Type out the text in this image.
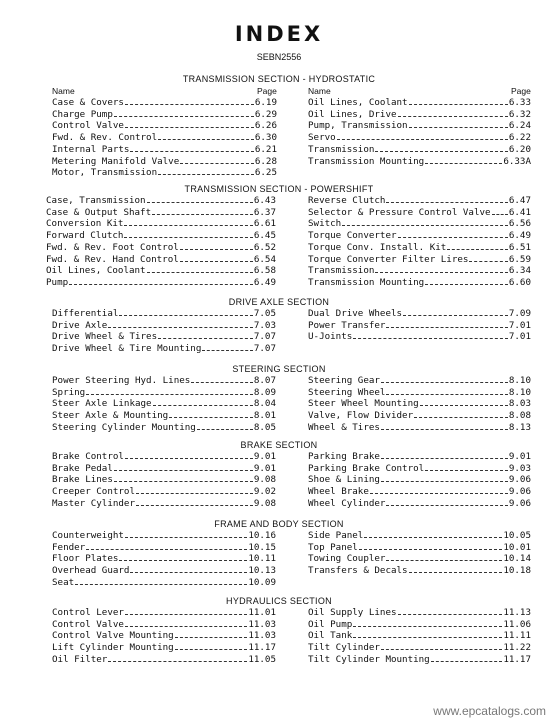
INDEX
SEBN2556
TRANSMISSION SECTION - HYDROSTATIC
Name	Page	Name	Page
Case & Covers	6.19
Charge Pump	6.29
Control Valve	6.26
Fwd. & Rev. Control	6.30
Internal Parts	6.21
Metering Manifold Valve	6.28
Motor, Transmission	6.25
Oil Lines, Coolant	6.33
Oil Lines, Drive	6.32
Pump, Transmission	6.24
Servo	6.22
Transmission	6.20
Transmission Mounting	6.33A
TRANSMISSION SECTION - POWERSHIFT
Case, Transmission	6.43
Case & Output Shaft	6.37
Conversion Kit	6.61
Forward Clutch	6.45
Fwd. & Rev. Foot Control	6.52
Fwd. & Rev. Hand Control	6.54
Oil Lines, Coolant	6.58
Pump	6.49
Reverse Clutch	6.47
Selector & Pressure Control Valve 6.41
Switch	6.56
Torque Converter	6.49
Torque Conv. Install. Kit	6.51
Torque Converter Filter Lires	6.59
Transmission	6.34
Transmission Mounting	6.60
DRIVE AXLE SECTION
Differential	7.05
Drive Axle	7.03
Drive Wheel & Tires	7.07
Drive Wheel & Tire Mounting	7.07
Dual Drive Wheels	7.09
Power Transfer	7.01
U-Joints	7.01
STEERING SECTION
Power Steering Hyd. Lines	8.07
Spring	8.09
Steer Axle Linkage	8.04
Steer Axle & Mounting	8.01
Steering Cylinder Mounting	8.05
Steering Gear	8.10
Steering Wheel	8.10
Steer Wheel Mounting	8.03
Valve, Flow Divider	8.08
Wheel & Tires	8.13
BRAKE SECTION
Brake Control	9.01
Brake Pedal	9.01
Brake Lines	9.08
Creeper Control	9.02
Master Cylinder	9.08
Parking Brake	9.01
Parking Brake Control	9.03
Shoe & Lining	9.06
Wheel Brake	9.06
Wheel Cylinder	9.06
FRAME AND BODY SECTION
Counterweight	10.16
Fender	10.15
Floor Plates	10.11
Overhead Guard	10.13
Seat	10.09
Side Panel	10.05
Top Panel	10.01
Towing Coupler	10.14
Transfers & Decals	10.18
HYDRAULICS SECTION
Control Lever	11.01
Control Valve	11.03
Control Valve Mounting	11.03
Lift Cylinder Mounting	11.17
Oil Filter	11.05
Oil Supply Lines	11.13
Oil Pump	11.06
Oil Tank	11.11
Tilt Cylinder	11.22
Tilt Cylinder Mounting	11.17
www.epcatalogs.com
